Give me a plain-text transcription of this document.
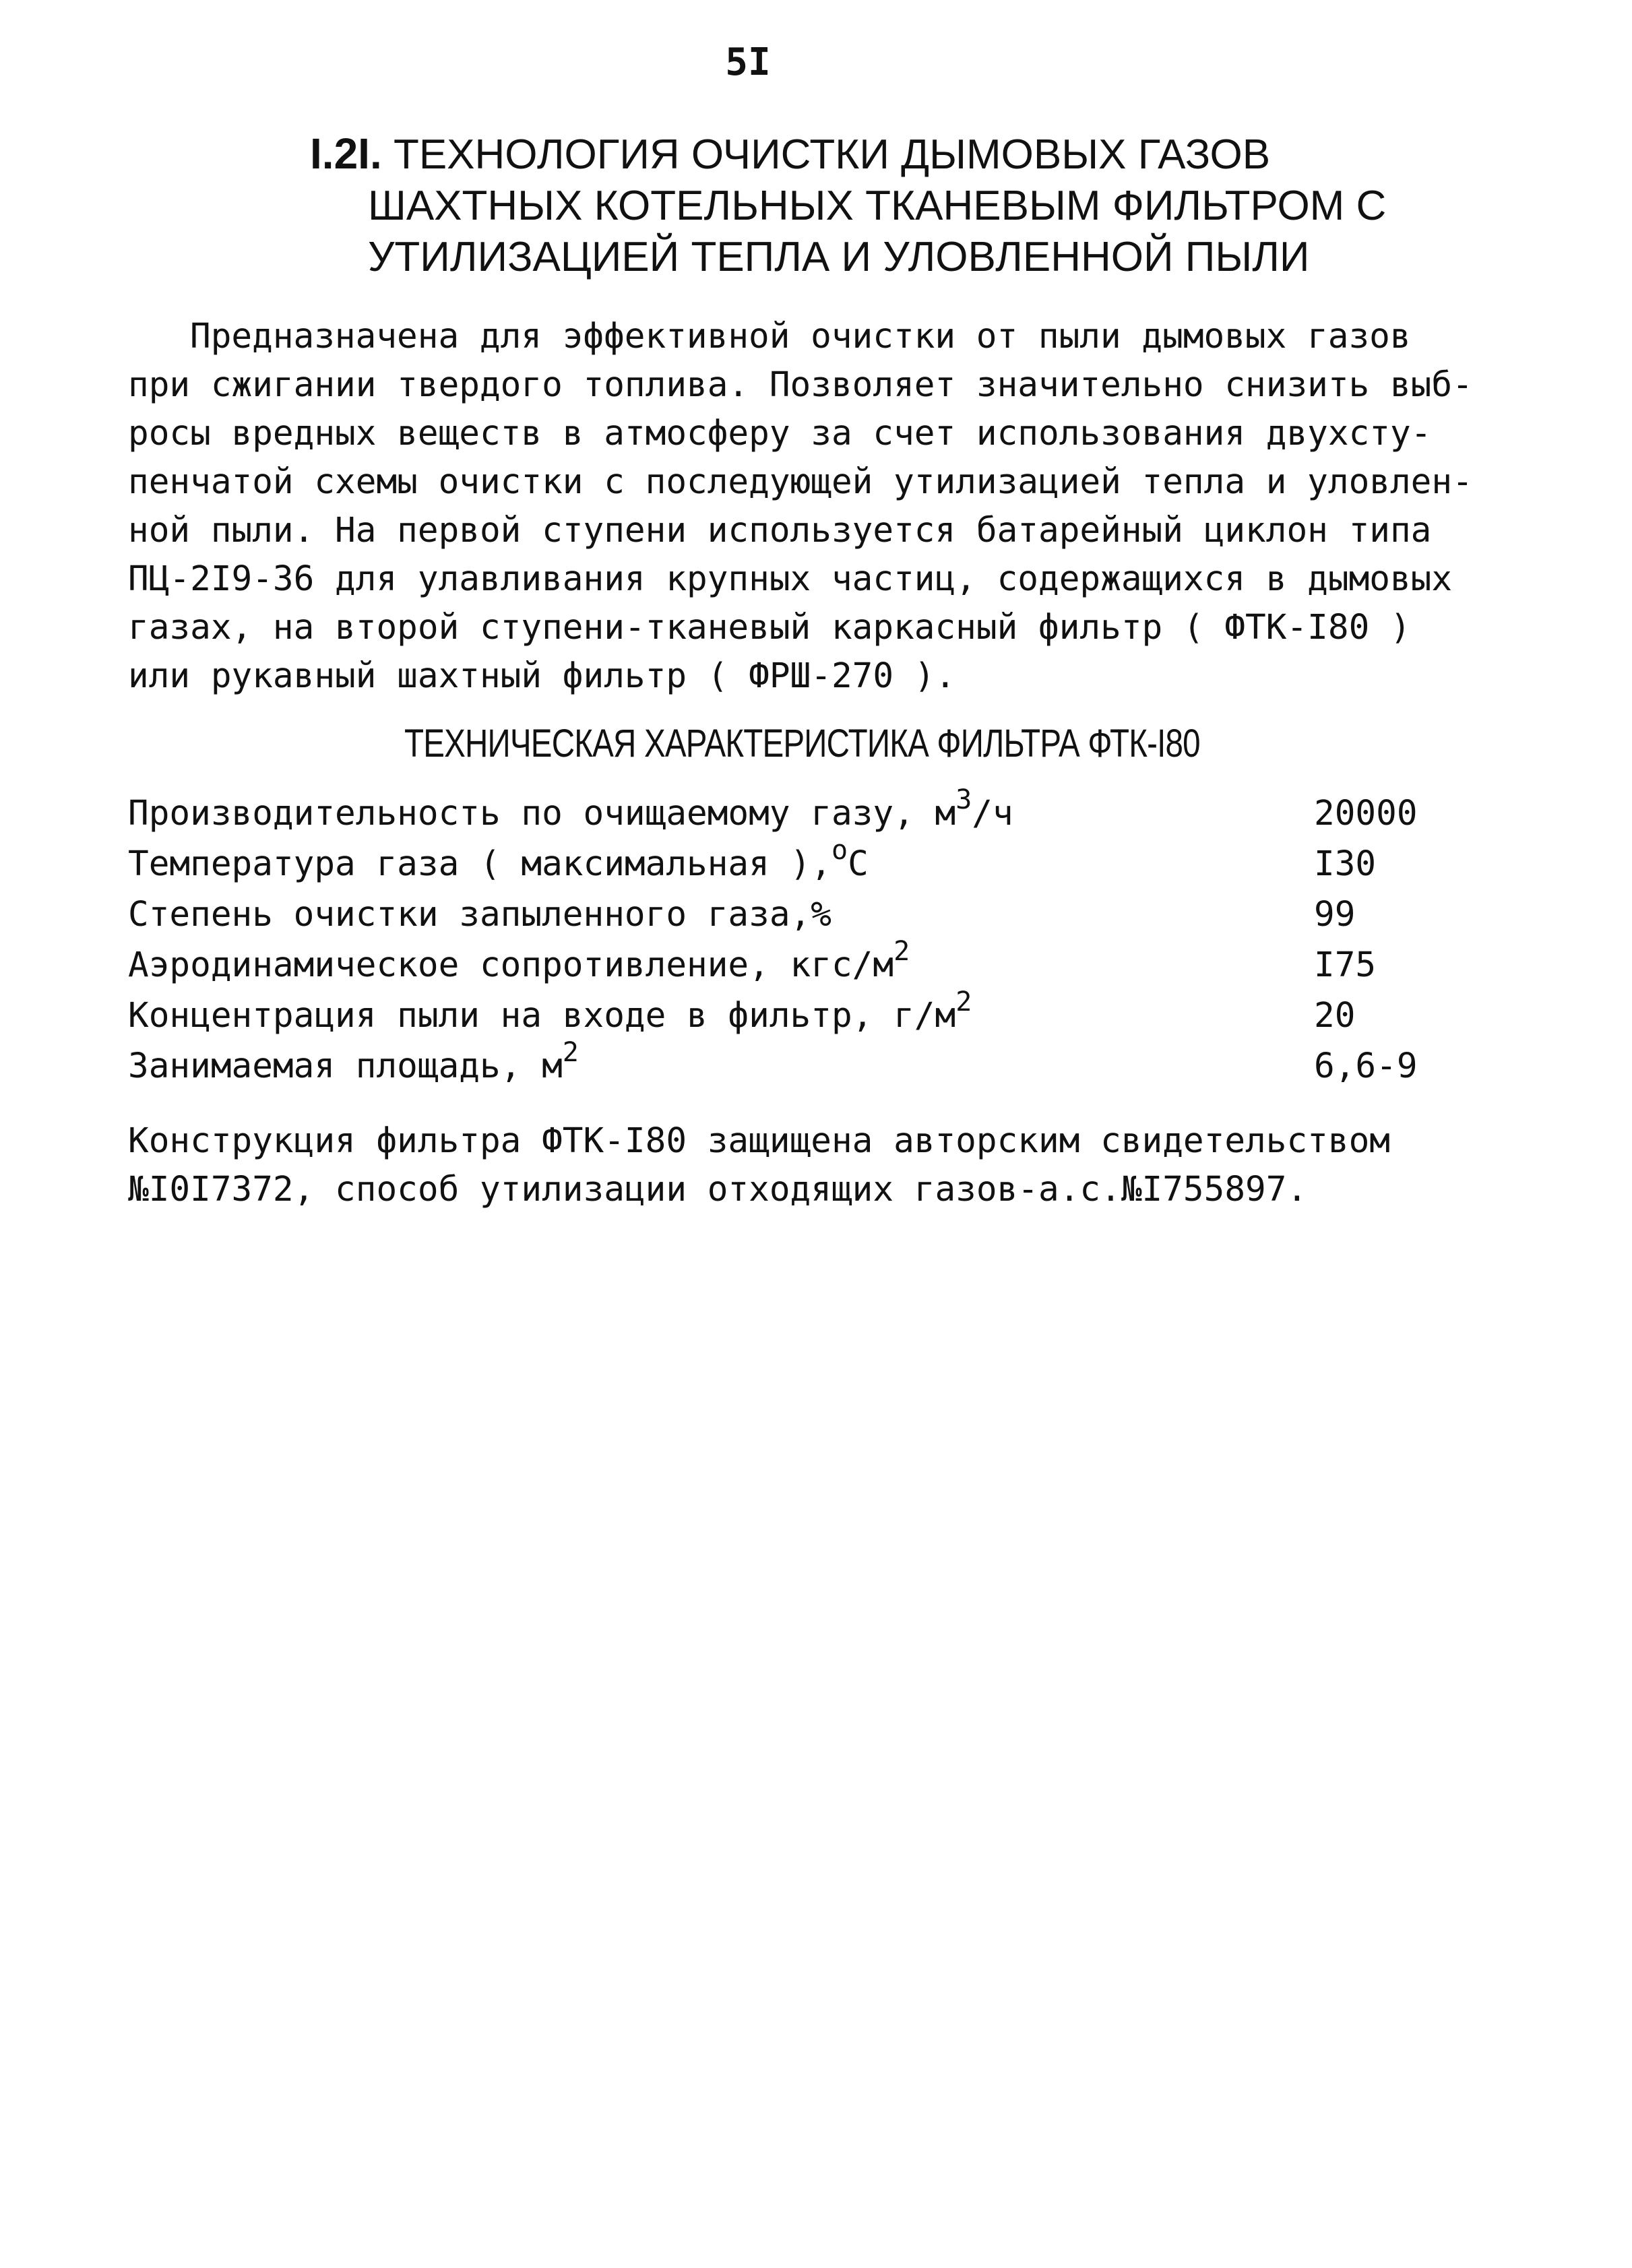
5I
I.2I. ТЕХНОЛОГИЯ ОЧИСТКИ ДЫМОВЫХ ГАЗОВ
ШАХТНЫХ КОТЕЛЬНЫХ ТКАНЕВЫМ ФИЛЬТРОМ С
УТИЛИЗАЦИЕЙ ТЕПЛА И УЛОВЛЕННОЙ ПЫЛИ
Предназначена для эффективной очистки от пыли дымовых газов
при сжигании твердого топлива. Позволяет значительно снизить выб-
росы вредных веществ в атмосферу за счет использования двухсту-
пенчатой схемы очистки с последующей утилизацией тепла и уловлен-
ной пыли. На первой ступени используется батарейный циклон типа
ПЦ-2I9-36 для улавливания крупных частиц, содержащихся в дымовых
газах, на второй ступени-тканевый каркасный фильтр ( ФТК-I80 )
или рукавный шахтный фильтр ( ФРШ-270 ).
ТЕХНИЧЕСКАЯ ХАРАКТЕРИСТИКА ФИЛЬТРА ФТК-I80
Производительность по очищаемому газу, $м^3/ч$	20000
Температура газа ( максимальная ),$^о$С	I30
Степень очистки запыленного газа,%	99
Аэродинамическое сопротивление, кгс/$м^2$	I75
Концентрация пыли на входе в фильтр, $г/м^2$	20
Занимаемая площадь, $м^2$	6,6-9
Конструкция фильтра ФТК-I80 защищена авторским свидетельством
№I0I7372, способ утилизации отходящих газов-а.с.№I755897.
